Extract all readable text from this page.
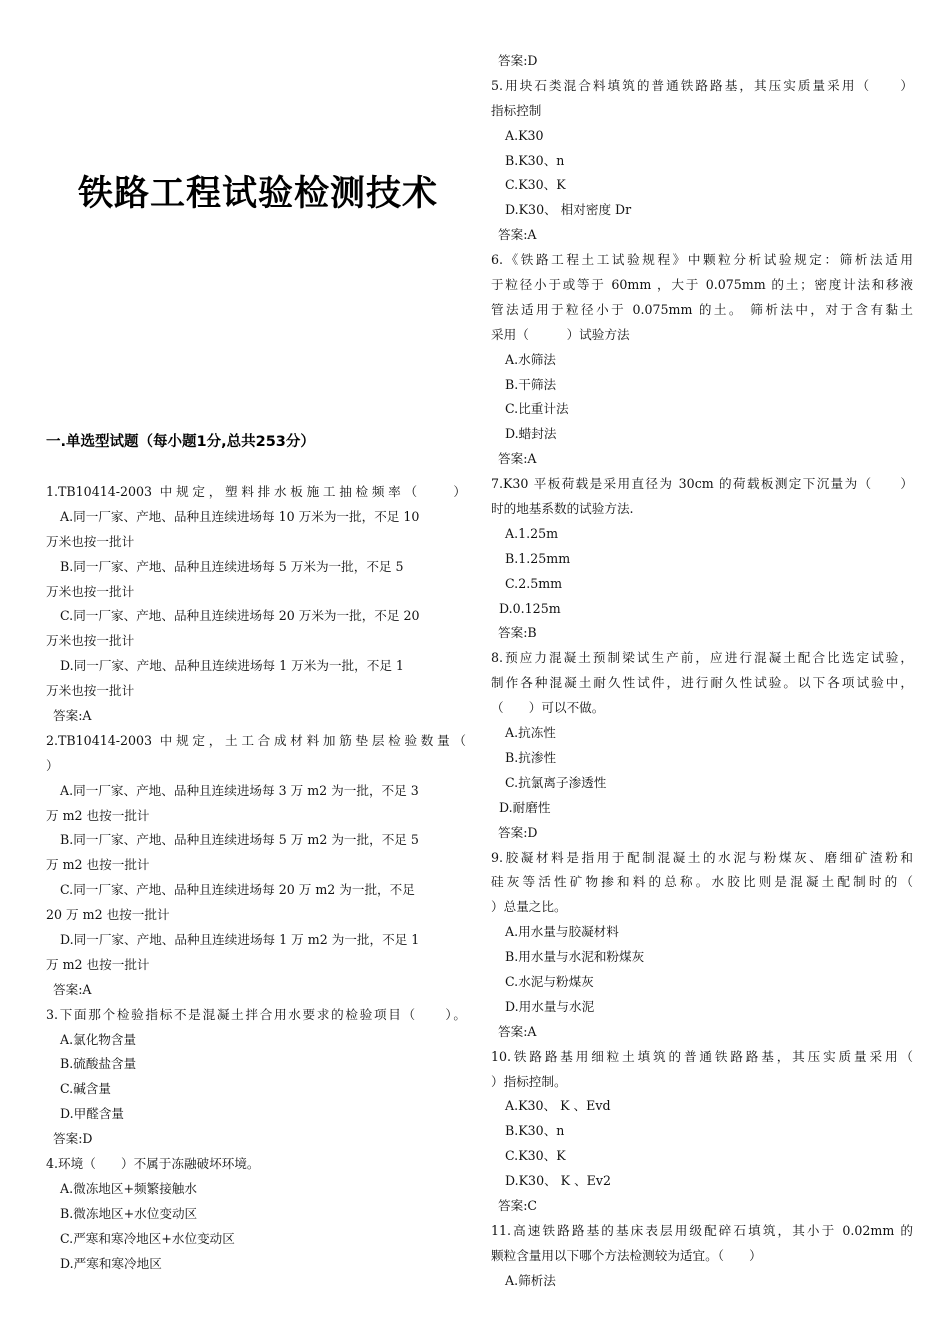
铁路工程试验检测技术
一.单选型试题（每小题1分,总共253分）
1.TB10414-2003 中规定，塑料排水板施工抽检频率（　　）
A.同一厂家、产地、品种且连续进场每 10 万米为一批，不足 10
万米也按一批计
B.同一厂家、产地、品种且连续进场每 5 万米为一批，不足 5
万米也按一批计
C.同一厂家、产地、品种且连续进场每 20 万米为一批，不足 20
万米也按一批计
D.同一厂家、产地、品种且连续进场每 1 万米为一批，不足 1
万米也按一批计
答案:A
2.TB10414-2003 中规定，土工合成材料加筋垫层检验数量（
）
A.同一厂家、产地、品种且连续进场每 3 万 m2 为一批，不足 3
万 m2 也按一批计
B.同一厂家、产地、品种且连续进场每 5 万 m2 为一批，不足 5
万 m2 也按一批计
C.同一厂家、产地、品种且连续进场每 20 万 m2 为一批，不足
20 万 m2 也按一批计
D.同一厂家、产地、品种且连续进场每 1 万 m2 为一批，不足 1
万 m2 也按一批计
答案:A
3.下面那个检验指标不是混凝土拌合用水要求的检验项目（　　）。
A.氯化物含量
B.硫酸盐含量
C.碱含量
D.甲醛含量
答案:D
4.环境（　　）不属于冻融破坏环境。
A.微冻地区+频繁接触水
B.微冻地区+水位变动区
C.严寒和寒冷地区+水位变动区
D.严寒和寒冷地区
答案:D
5.用块石类混合料填筑的普通铁路路基，其压实质量采用（　　）
指标控制
A.K30
B.K30、n
C.K30、K
D.K30、 相对密度 Dr
答案:A
6.《铁路工程土工试验规程》中颗粒分析试验规定：筛析法适用
于粒径小于或等于 60mm ，大于 0.075mm 的土；密度计法和移液
管法适用于粒径小于 0.075mm 的土。 筛析法中，对于含有黏土
采用（　　　）试验方法
A.水筛法
B.干筛法
C.比重计法
D.蜡封法
答案:A
7.K30 平板荷载是采用直径为 30cm 的荷载板测定下沉量为（　　）
时的地基系数的试验方法.
A.1.25m
B.1.25mm
C.2.5mm
D.0.125m
答案:B
8.预应力混凝土预制梁试生产前，应进行混凝土配合比选定试验，
制作各种混凝土耐久性试件，进行耐久性试验。以下各项试验中，
（　　）可以不做。
A.抗冻性
B.抗渗性
C.抗氯离子渗透性
D.耐磨性
答案:D
9.胶凝材料是指用于配制混凝土的水泥与粉煤灰、磨细矿渣粉和
硅灰等活性矿物掺和料的总称。水胶比则是混凝土配制时的（
）总量之比。
A.用水量与胶凝材料
B.用水量与水泥和粉煤灰
C.水泥与粉煤灰
D.用水量与水泥
答案:A
10.铁路路基用细粒土填筑的普通铁路路基，其压实质量采用（
）指标控制。
A.K30、 K 、Evd
B.K30、n
C.K30、K
D.K30、 K 、Ev2
答案:C
11.高速铁路路基的基床表层用级配碎石填筑，其小于 0.02mm 的
颗粒含量用以下哪个方法检测较为适宜。（　　）
A.筛析法
